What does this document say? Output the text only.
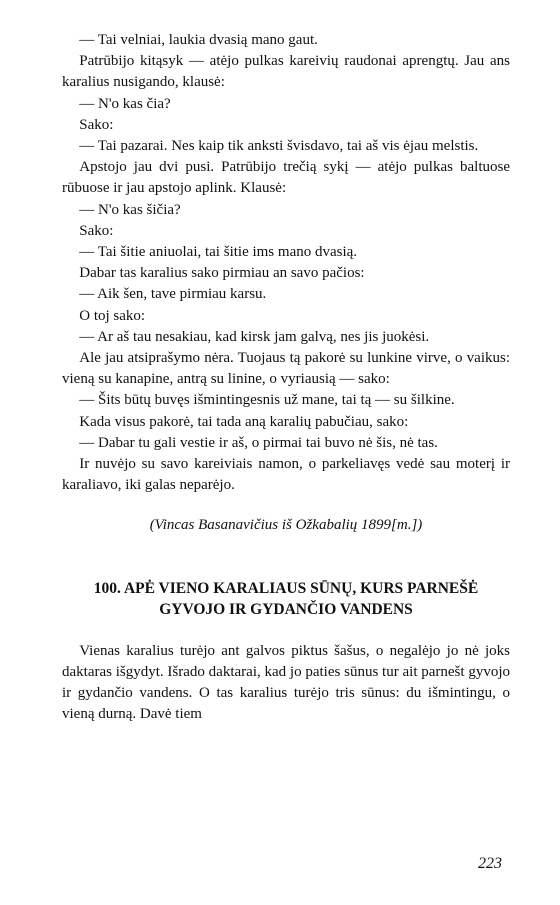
— Tai velniai, laukia dvasią mano gaut.

Patrūbijo kitąsyk — atėjo pulkas kareivių raudonai aprengtų. Jau ans karalius nusigando, klausė:

— N'o kas čia?

Sako:

— Tai pazarai. Nes kaip tik anksti švisdavo, tai aš vis ėjau melstis.

Apstojo jau dvi pusi. Patrūbijo trečią sykį — atėjo pulkas baltuose rūbuose ir jau apstojo aplink. Klausė:

— N'o kas šičia?

Sako:

— Tai šitie aniuolai, tai šitie ims mano dvasią.

Dabar tas karalius sako pirmiau an savo pačios:

— Aik šen, tave pirmiau karsu.

O toj sako:

— Ar aš tau nesakiau, kad kirsk jam galvą, nes jis juokėsi.

Ale jau atsiprašymo nėra. Tuojaus tą pakorė su lunkine virve, o vaikus: vieną su kanapine, antrą su linine, o vyriausią — sako:

— Šits būtų buvęs išmintingesnis už mane, tai tą — su šilkine.

Kada visus pakorė, tai tada aną karalių pabučiau, sako:

— Dabar tu gali vestie ir aš, o pirmai tai buvo nė šis, nė tas.

Ir nuvėjo su savo kareiviais namon, o parkeliavęs vedė sau moterį ir karaliavo, iki galas neparėjo.

(Vincas Basanavičius iš Ožkabalių 1899[m.])

100. APĖ VIENO KARALIAUS SŪNŲ, KURS PARNEŠĖ
GYVOJO IR GYDANČIO VANDENS

Vienas karalius turėjo ant galvos piktus šašus, o negalėjo jo nė joks daktaras išgydyt. Išrado daktarai, kad jo paties sūnus tur ait parnešt gyvojo ir gydančio vandens. O tas karalius turėjo tris sūnus: du išmintingu, o vieną durną. Davė tiem

223
